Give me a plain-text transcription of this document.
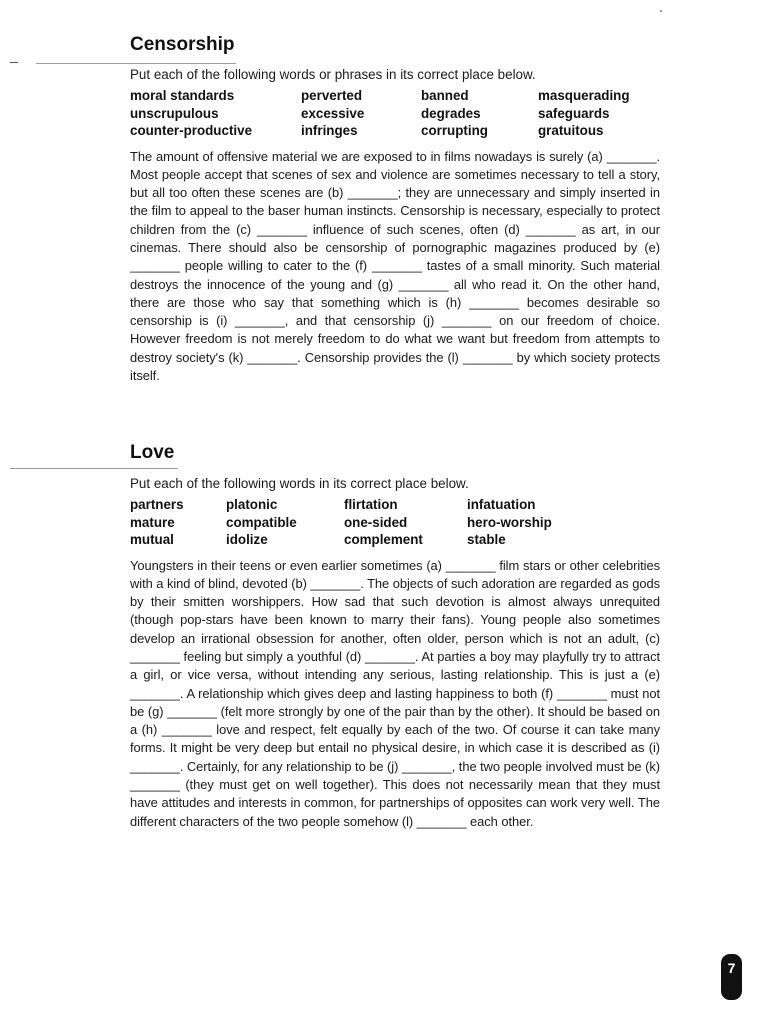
Censorship

Put each of the following words or phrases in its correct place below.

moral standards	perverted	banned	masquerading
unscrupulous	excessive	degrades	safeguards
counter-productive	infringes	corrupting	gratuitous

The amount of offensive material we are exposed to in films nowadays is surely (a) _______. Most people accept that scenes of sex and violence are sometimes necessary to tell a story, but all too often these scenes are (b) _______; they are unnecessary and simply inserted in the film to appeal to the baser human instincts. Censorship is necessary, especially to protect children from the (c) _______ influence of such scenes, often (d) _______ as art, in our cinemas. There should also be censorship of pornographic magazines produced by (e) _______ people willing to cater to the (f) _______ tastes of a small minority. Such material destroys the innocence of the young and (g) _______ all who read it. On the other hand, there are those who say that something which is (h) _______ becomes desirable so censorship is (i) _______, and that censorship (j) _______ on our freedom of choice. However freedom is not merely freedom to do what we want but freedom from attempts to destroy society's (k) _______. Censorship provides the (l) _______ by which society protects itself.

Love

Put each of the following words in its correct place below.

partners	platonic	flirtation	infatuation
mature	compatible	one-sided	hero-worship
mutual	idolize	complement	stable

Youngsters in their teens or even earlier sometimes (a) _______ film stars or other celebrities with a kind of blind, devoted (b) _______. The objects of such adoration are regarded as gods by their smitten worshippers. How sad that such devotion is almost always unrequited (though pop-stars have been known to marry their fans). Young people also sometimes develop an irrational obsession for another, often older, person which is not an adult, (c) _______ feeling but simply a youthful (d) _______. At parties a boy may playfully try to attract a girl, or vice versa, without intending any serious, lasting relationship. This is just a (e) _______. A relationship which gives deep and lasting happiness to both (f) _______ must not be (g) _______ (felt more strongly by one of the pair than by the other). It should be based on a (h) _______ love and respect, felt equally by each of the two. Of course it can take many forms. It might be very deep but entail no physical desire, in which case it is described as (i) _______. Certainly, for any relationship to be (j) _______, the two people involved must be (k) _______ (they must get on well together). This does not necessarily mean that they must have attitudes and interests in common, for partnerships of opposites can work very well. The different characters of the two people somehow (l) _______ each other.

7
